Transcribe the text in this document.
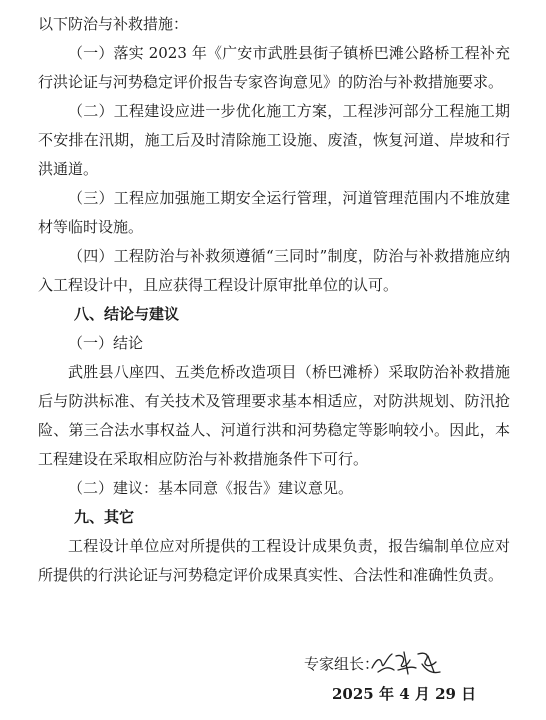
以下防治与补救措施：

（一）落实 2023 年《广安市武胜县街子镇桥巴滩公路桥工程补充行洪论证与河势稳定评价报告专家咨询意见》的防治与补救措施要求。

（二）工程建设应进一步优化施工方案，工程涉河部分工程施工期不安排在汛期，施工后及时清除施工设施、废渣，恢复河道、岸坡和行洪通道。

（三）工程应加强施工期安全运行管理，河道管理范围内不堆放建材等临时设施。

（四）工程防治与补救须遵循“三同时”制度，防治与补救措施应纳入工程设计中，且应获得工程设计原审批单位的认可。

八、结论与建议

（一）结论

武胜县八座四、五类危桥改造项目（桥巴滩桥）采取防治补救措施后与防洪标准、有关技术及管理要求基本相适应，对防洪规划、防汛抢险、第三合法水事权益人、河道行洪和河势稳定等影响较小。因此，本工程建设在采取相应防治与补救措施条件下可行。

（二）建议：基本同意《报告》建议意见。

九、其它

工程设计单位应对所提供的工程设计成果负责，报告编制单位应对所提供的行洪论证与河势稳定评价成果真实性、合法性和准确性负责。

专家组长：
2025 年 4 月 29 日
